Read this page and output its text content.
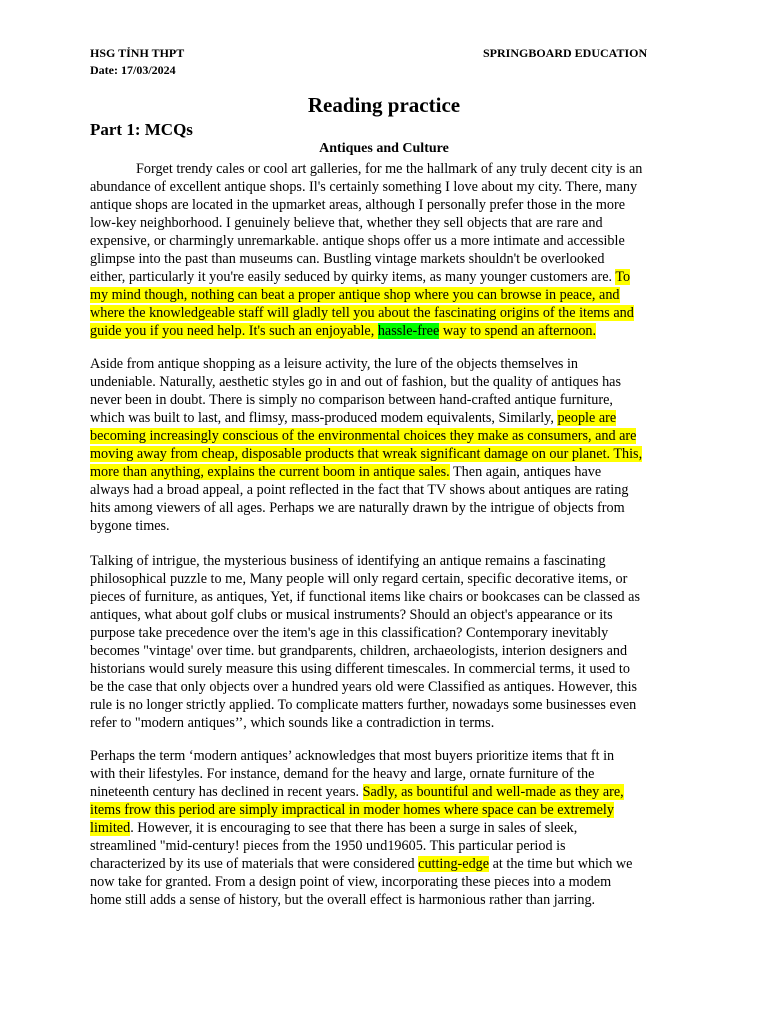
HSG TỈNH THPT	SPRINGBOARD EDUCATION
Date: 17/03/2024
Reading practice
Part 1: MCQs
Antiques and Culture
Forget trendy cales or cool art galleries, for me the hallmark of any truly decent city is an
abundance of excellent antique shops. Il's certainly something I love about my city. There, many
antique shops are located in the upmarket areas, although I personally prefer those in the more
low-key neighborhood. I genuinely believe that, whether they sell objects that are rare and
expensive, or charmingly unremarkable. antique shops offer us a more intimate and accessible
glimpse into the past than museums can. Bustling vintage markets shouldn't be overlooked
either, particularly it you're easily seduced by quirky items, as many younger customers are. To
my mind though, nothing can beat a proper antique shop where you can browse in peace, and
where the knowledgeable staff will gladly tell you about the fascinating origins of the items and
guide you if you need help. It's such an enjoyable, hassle-free way to spend an afternoon.
Aside from antique shopping as a leisure activity, the lure of the objects themselves in
undeniable. Naturally, aesthetic styles go in and out of fashion, but the quality of antiques has
never been in doubt. There is simply no comparison between hand-crafted antique furniture,
which was built to last, and flimsy, mass-produced modem equivalents, Similarly, people are
becoming increasingly conscious of the environmental choices they make as consumers, and are
moving away from cheap, disposable products that wreak significant damage on our planet. This,
more than anything, explains the current boom in antique sales. Then again, antiques have
always had a broad appeal, a point reflected in the fact that TV shows about antiques are rating
hits among viewers of all ages. Perhaps we are naturally drawn by the intrigue of objects from
bygone times.
Talking of intrigue, the mysterious business of identifying an antique remains a fascinating
philosophical puzzle to me, Many people will only regard certain, specific decorative items, or
pieces of furniture, as antiques, Yet, if functional items like chairs or bookcases can be classed as
antiques, what about golf clubs or musical instruments? Should an object's appearance or its
purpose take precedence over the item's age in this classification? Contemporary inevitably
becomes "vintage' over time. but grandparents, children, archaeologists, interion designers and
historians would surely measure this using different timescales. In commercial terms, it used to
be the case that only objects over a hundred years old were Classified as antiques. However, this
rule is no longer strictly applied. To complicate matters further, nowadays some businesses even
refer to "modern antiques’’, which sounds like a contradiction in terms.
Perhaps the term ‘modern antiques’ acknowledges that most buyers prioritize items that ft in
with their lifestyles. For instance, demand for the heavy and large, ornate furniture of the
nineteenth century has declined in recent years. Sadly, as bountiful and well-made as they are,
items frow this period are simply impractical in moder homes where space can be extremely
limited. However, it is encouraging to see that there has been a surge in sales of sleek,
streamlined "mid-century! pieces from the 1950 und19605. This particular period is
characterized by its use of materials that were considered cutting-edge at the time but which we
now take for granted. From a design point of view, incorporating these pieces into a modem
home still adds a sense of history, but the overall effect is harmonious rather than jarring.
